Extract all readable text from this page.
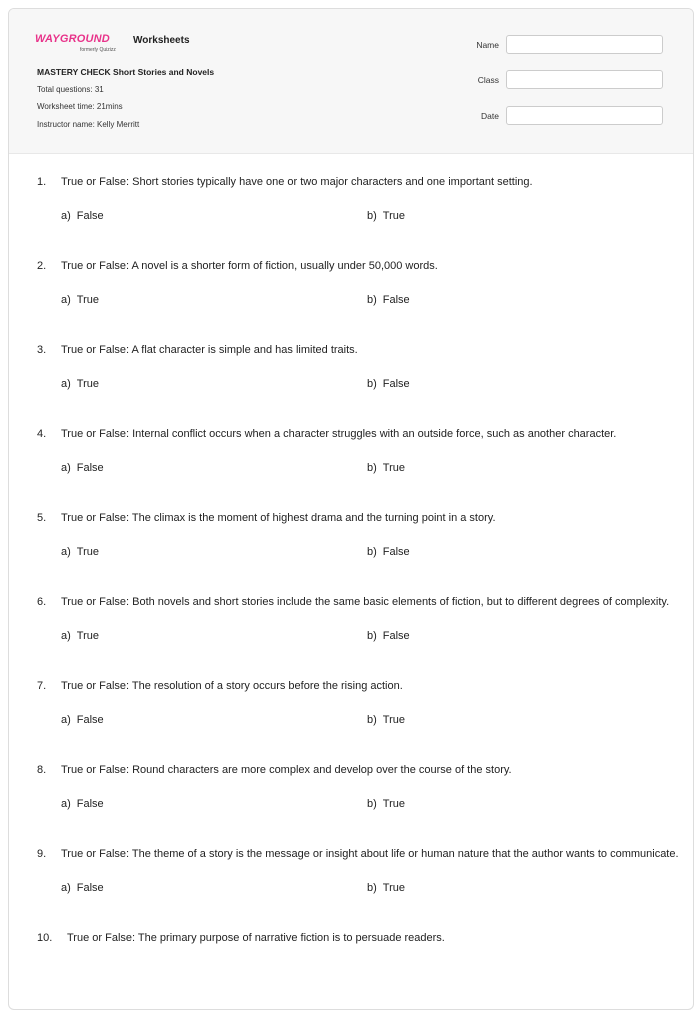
WAYGROUND
formerly Quizizz
Worksheets
MASTERY CHECK Short Stories and Novels
Total questions: 31
Worksheet time: 21mins
Instructor name: Kelly Merritt
Name
Class
Date
1. True or False: Short stories typically have one or two major characters and one important setting.
a) False	b) True
2. True or False: A novel is a shorter form of fiction, usually under 50,000 words.
a) True	b) False
3. True or False: A flat character is simple and has limited traits.
a) True	b) False
4. True or False: Internal conflict occurs when a character struggles with an outside force, such as another character.
a) False	b) True
5. True or False: The climax is the moment of highest drama and the turning point in a story.
a) True	b) False
6. True or False: Both novels and short stories include the same basic elements of fiction, but to different degrees of complexity.
a) True	b) False
7. True or False: The resolution of a story occurs before the rising action.
a) False	b) True
8. True or False: Round characters are more complex and develop over the course of the story.
a) False	b) True
9. True or False: The theme of a story is the message or insight about life or human nature that the author wants to communicate.
a) False	b) True
10. True or False: The primary purpose of narrative fiction is to persuade readers.
